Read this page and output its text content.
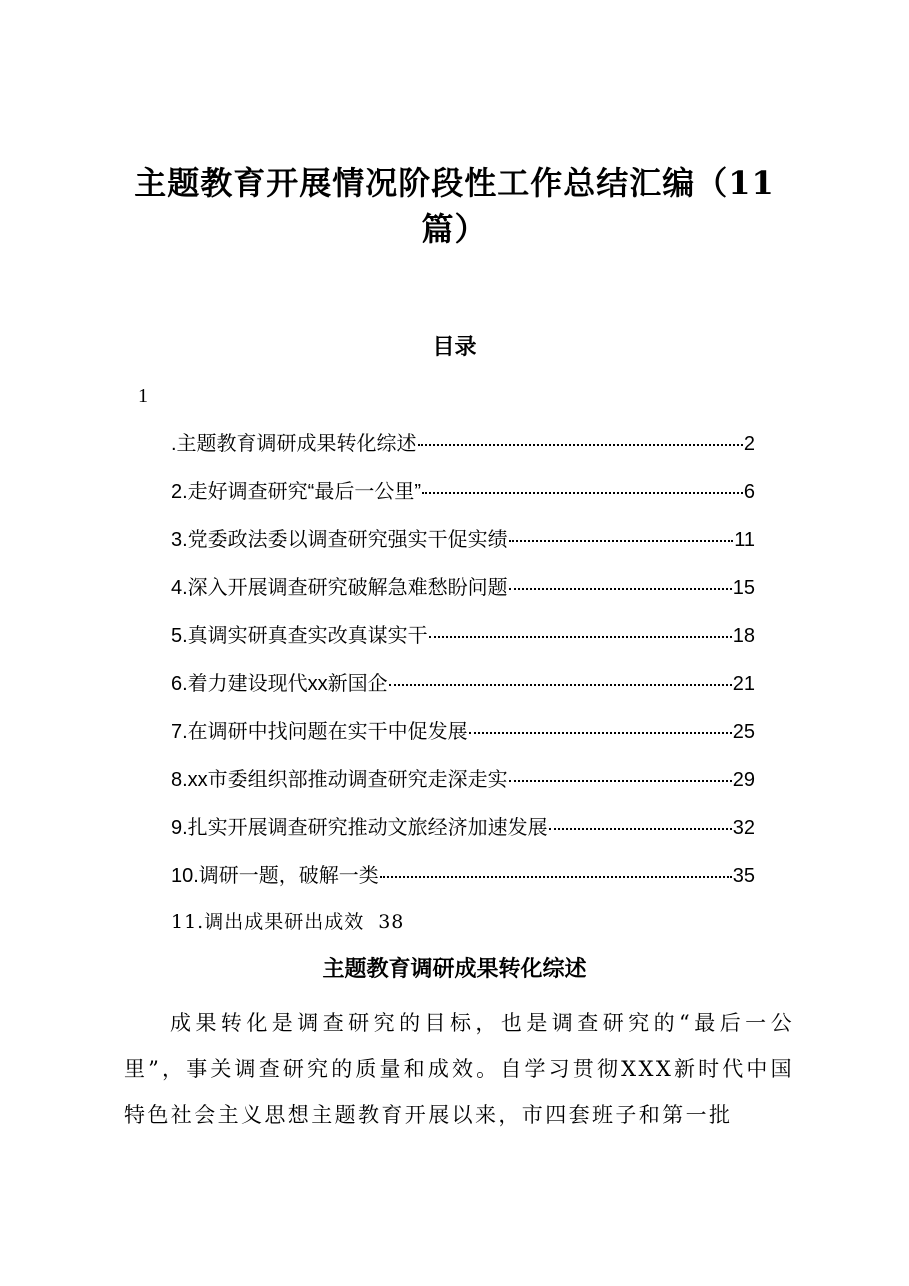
主题教育开展情况阶段性工作总结汇编（11篇）
目录
1
.主题教育调研成果转化综述	2
2.走好调查研究“最后一公里”	6
3.党委政法委以调查研究强实干促实绩	11
4.深入开展调查研究破解急难愁盼问题	15
5.真调实研真查实改真谋实干	18
6.着力建设现代xx新国企	21
7.在调研中找问题在实干中促发展	25
8.xx市委组织部推动调查研究走深走实	29
9.扎实开展调查研究推动文旅经济加速发展	32
10.调研一题，破解一类	35
11.调出成果研出成效 38
主题教育调研成果转化综述

成果转化是调查研究的目标，也是调查研究的“最后一公里”，事关调查研究的质量和成效。自学习贯彻XXX新时代中国特色社会主义思想主题教育开展以来，市四套班子和第一批
